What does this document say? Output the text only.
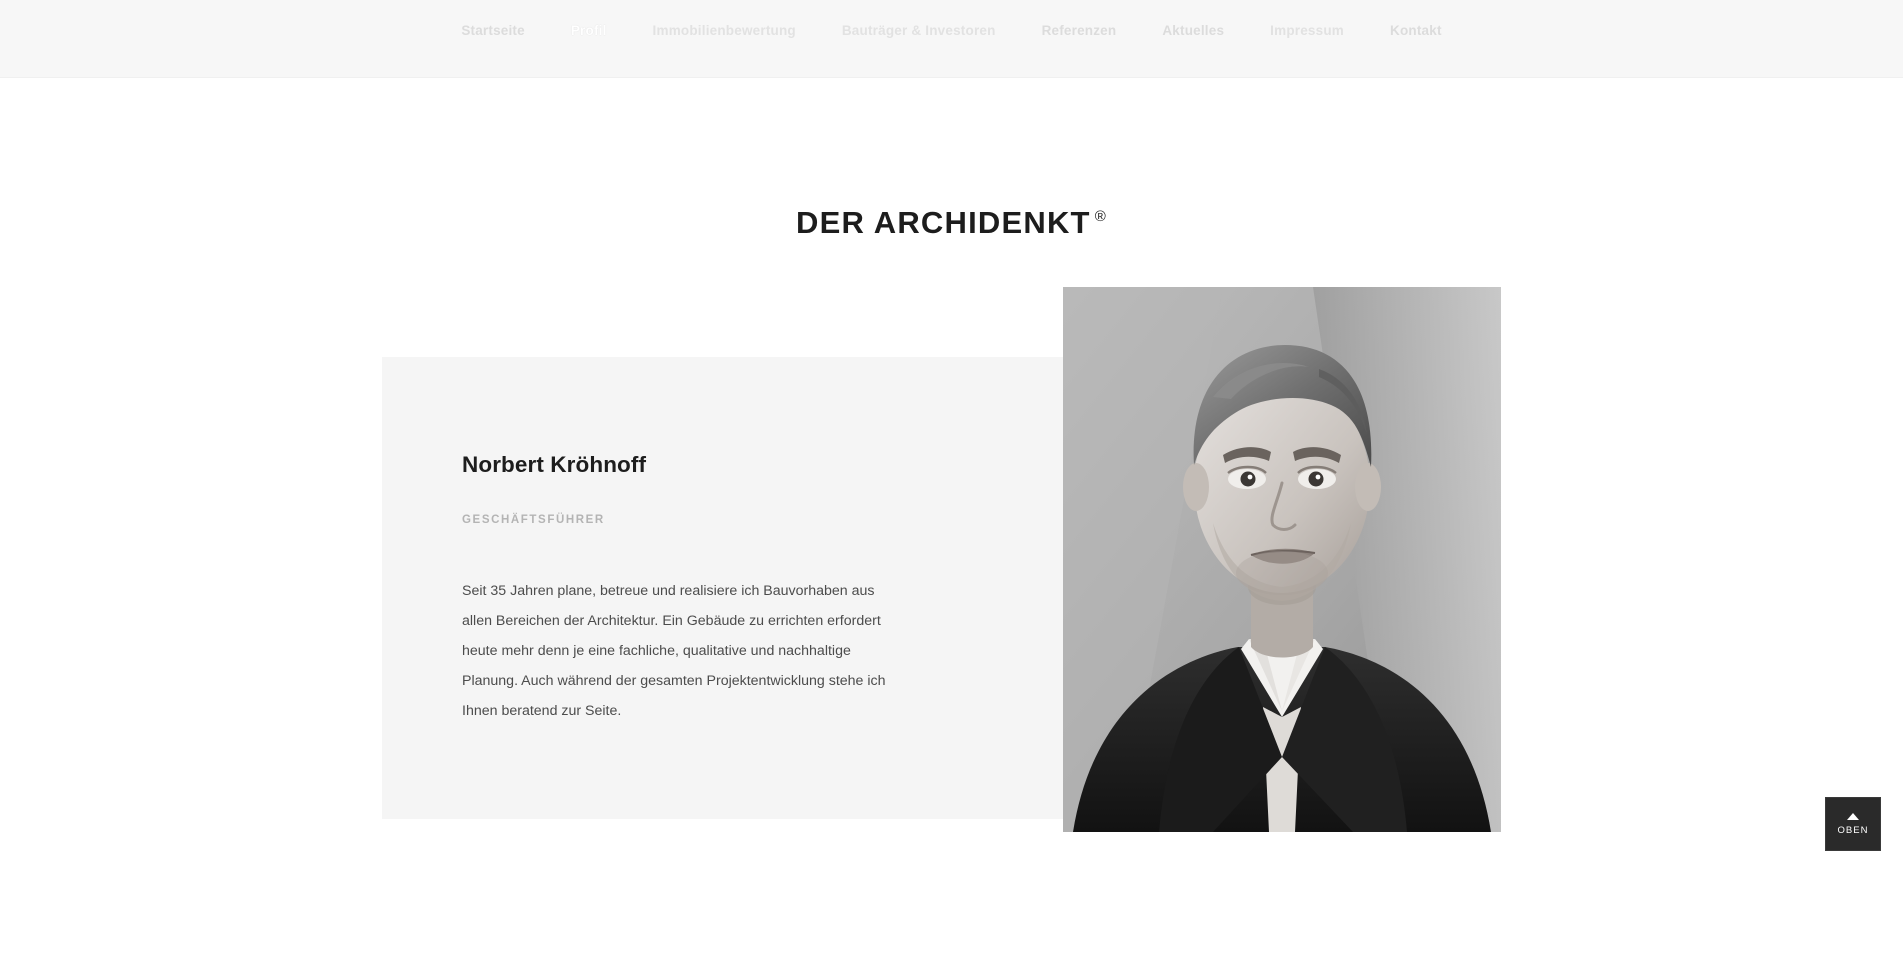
Startseite	Profil	Immobilienbewertung	Bauträger & Investoren	Referenzen	Aktuelles	Impressum	Kontakt
DER ARCHIDENKT ®
Norbert Kröhnoff
GESCHÄFTSFÜHRER

Seit 35 Jahren plane, betreue und realisiere ich Bauvorhaben aus allen Bereichen der Architektur. Ein Gebäude zu errichten erfordert heute mehr denn je eine fachliche, qualitative und nachhaltige Planung. Auch während der gesamten Projektentwicklung stehe ich Ihnen beratend zur Seite.

OBEN
